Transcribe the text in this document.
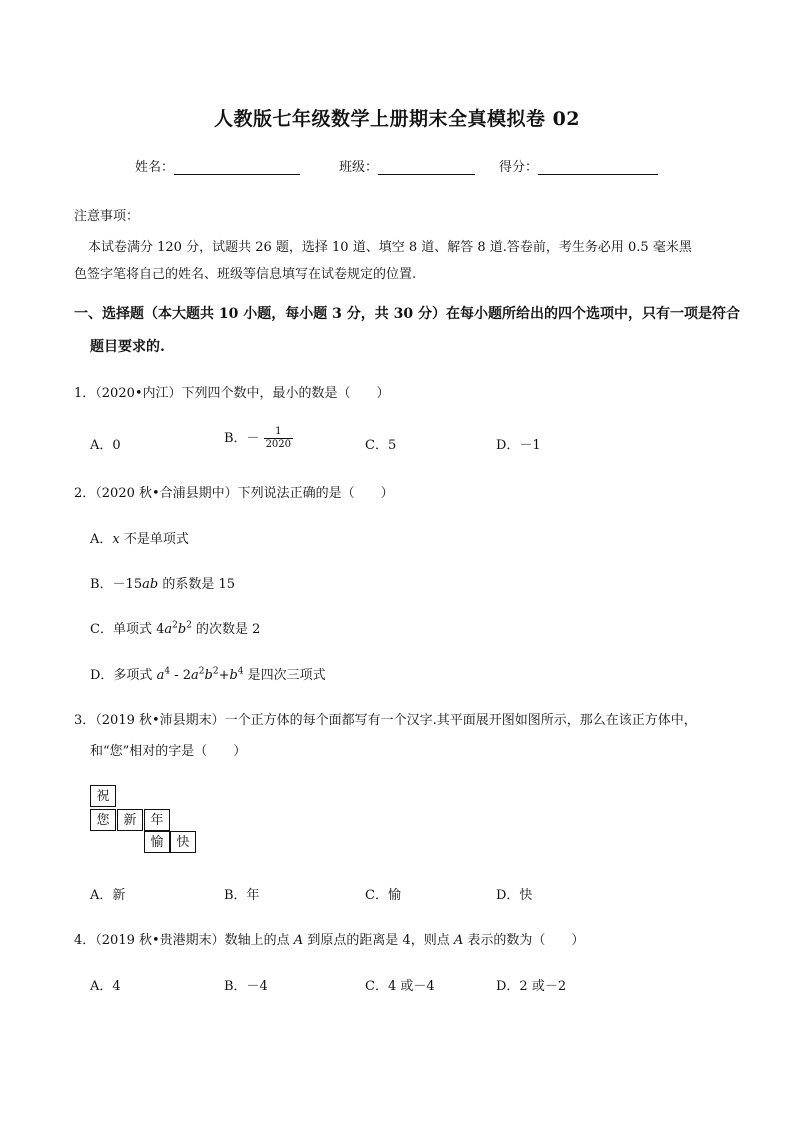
人教版七年级数学上册期末全真模拟卷 02
姓名：	班级：	得分：
注意事项：

本试卷满分 120 分，试题共 26 题，选择 10 道、填空 8 道、解答 8 道.答卷前，考生务必用 0.5 毫米黑

色签字笔将自己的姓名、班级等信息填写在试卷规定的位置.

一、选择题（本大题共 10 小题，每小题 3 分，共 30 分）在每小题所给出的四个选项中，只有一项是符合
题目要求的.
1．（2020•内江）下列四个数中，最小的数是（　　）
A．0	B．－ $\frac{1}{2020}$	C．5	D．－1
2．（2020 秋•合浦县期中）下列说法正确的是（　　）
A．x 不是单项式
B．－15ab 的系数是 15
C．单项式 $4a^2b^2$ 的次数是 2
D．多项式 $a^4 - 2a^2b^2+b^4$ 是四次三项式
3．（2019 秋•沛县期末）一个正方体的每个面都写有一个汉字.其平面展开图如图所示，那么在该正方体中，
和“您”相对的字是（　　）
祝
您	新	年
愉 快
A．新	B．年	C．愉	D．快
4．（2019 秋•贵港期末）数轴上的点 A 到原点的距离是 4，则点 A 表示的数为（　　）
A．4	B．－4	C．4 或－4	D．2 或－2
